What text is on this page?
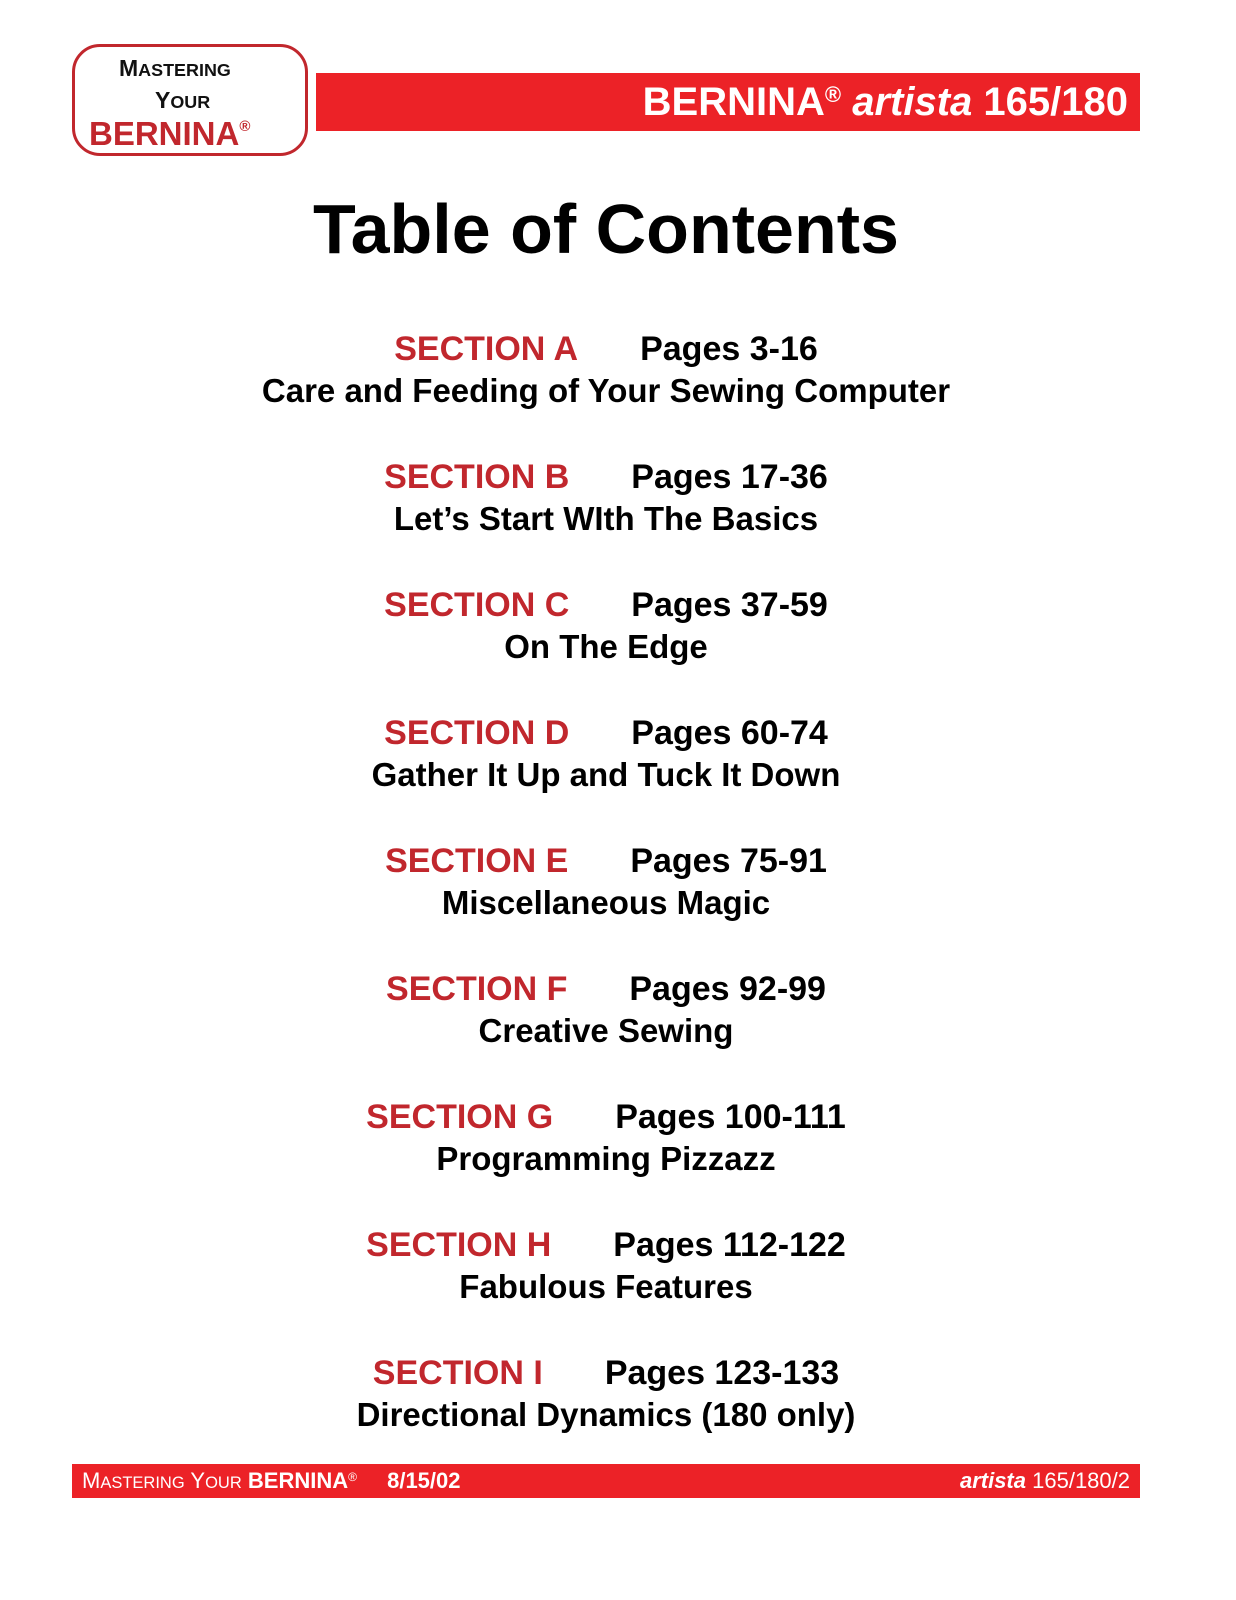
MASTERING
YOUR
BERNINA®
BERNINA® artista 165/180
Table of Contents
SECTION A Pages 3-16
Care and Feeding of Your Sewing Computer
SECTION B Pages 17-36
Let’s Start WIth The Basics
SECTION C Pages 37-59
On The Edge
SECTION D Pages 60-74
Gather It Up and Tuck It Down
SECTION E Pages 75-91
Miscellaneous Magic
SECTION F Pages 92-99
Creative Sewing
SECTION G Pages 100-111
Programming Pizzazz
SECTION H Pages 112-122
Fabulous Features
SECTION I Pages 123-133
Directional Dynamics (180 only)
MASTERING YOUR BERNINA® 8/15/02	artista 165/180/2
